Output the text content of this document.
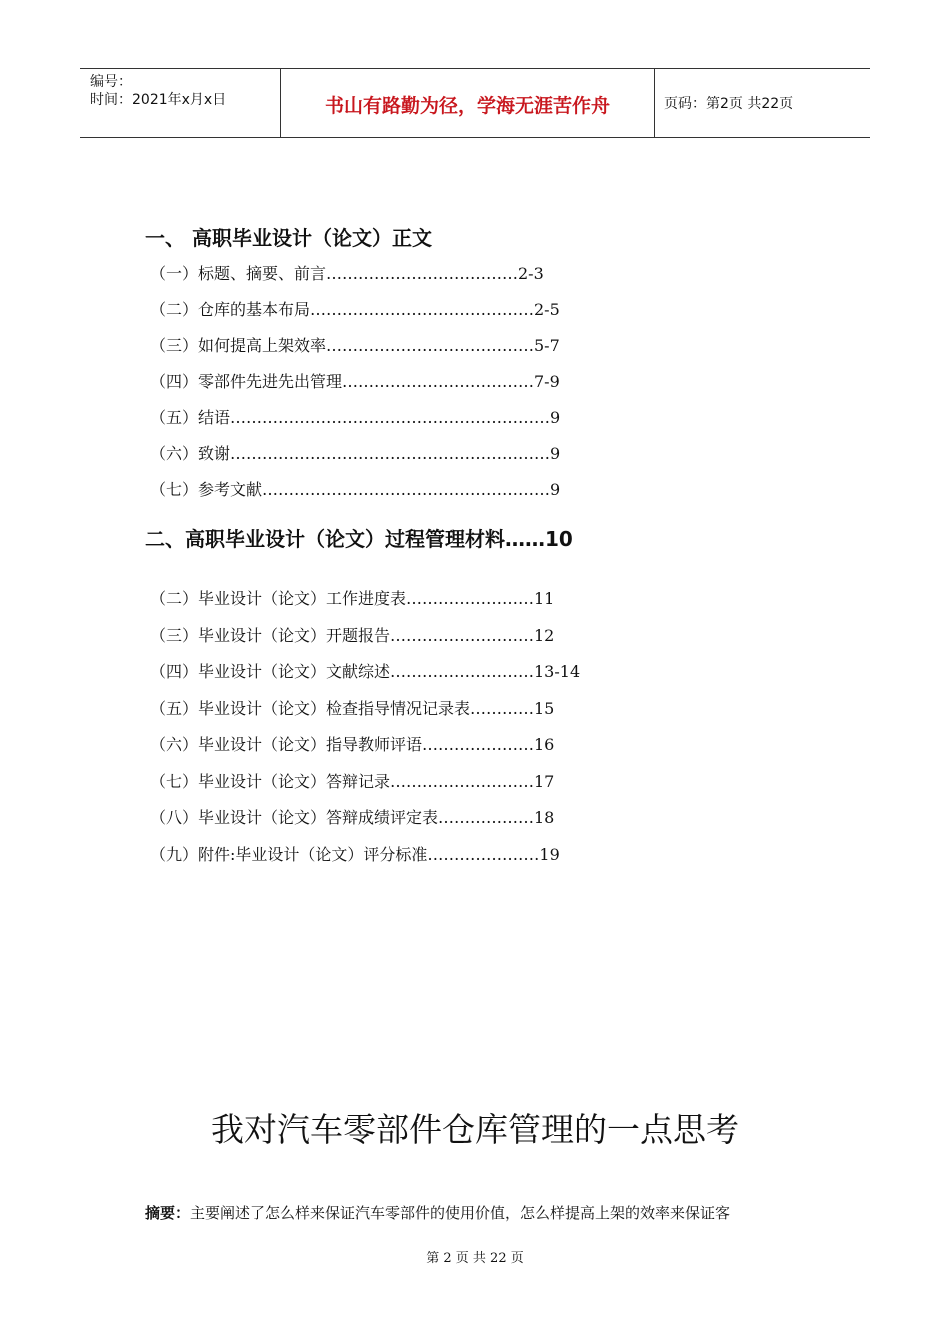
编号：
时间：2021年x月x日	书山有路勤为径，学海无涯苦作舟	页码：第2页 共22页
一、 高职毕业设计（论文）正文
（一）标题、摘要、前言………………………………2-3
（二）仓库的基本布局……………………………………2-5
（三）如何提高上架效率…………………………………5-7
（四）零部件先进先出管理………………………………7-9
（五）结语……………………………………………………9
（六）致谢……………………………………………………9
（七）参考文献………………………………………………9
二、高职毕业设计（论文）过程管理材料……10
（二）毕业设计（论文）工作进度表……………………11
（三）毕业设计（论文）开题报告………………………12
（四）毕业设计（论文）文献综述………………………13-14
（五）毕业设计（论文）检查指导情况记录表…………15
（六）毕业设计（论文）指导教师评语…………………16
（七）毕业设计（论文）答辩记录………………………17
（八）毕业设计（论文）答辩成绩评定表………………18
（九）附件:毕业设计（论文）评分标准…………………19
我对汽车零部件仓库管理的一点思考
摘要：主要阐述了怎么样来保证汽车零部件的使用价值，怎么样提高上架的效率来保证客
第 2 页 共 22 页
